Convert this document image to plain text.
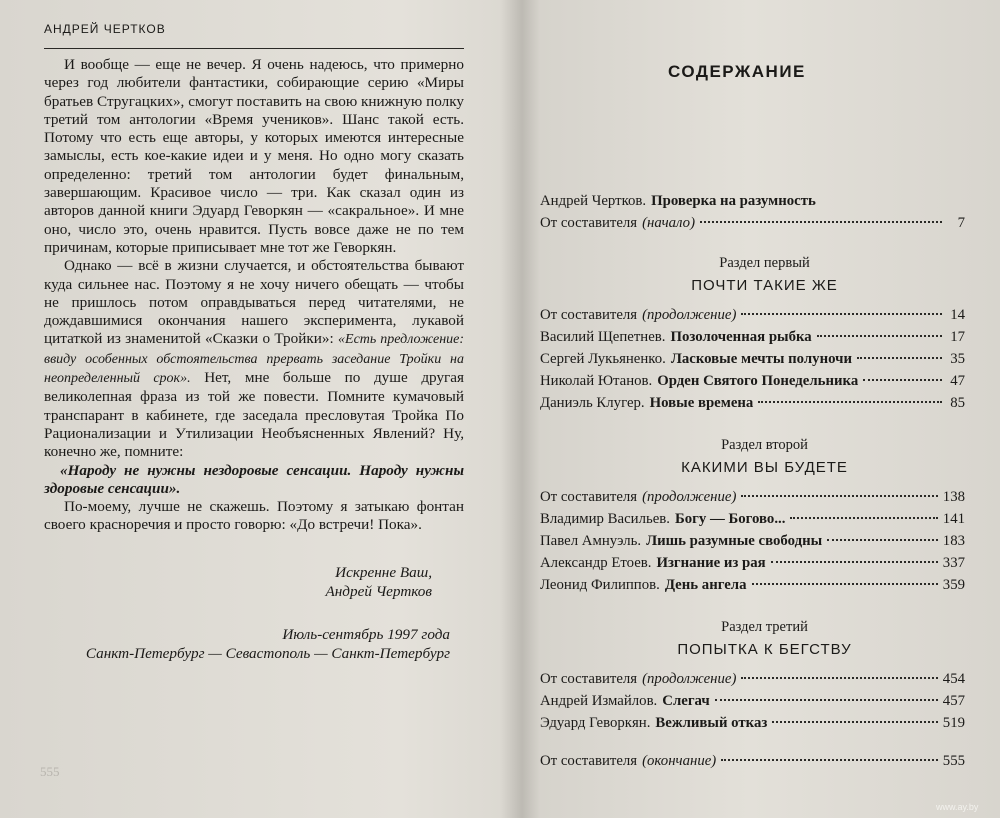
АНДРЕЙ ЧЕРТКОВ

И вообще — еще не вечер. Я очень надеюсь, что примерно через год любители фантастики, собирающие серию «Миры братьев Стругацких», смогут поставить на свою книжную полку третий том антологии «Время учеников». Шанс такой есть. Потому что есть еще авторы, у которых имеются интересные замыслы, есть кое-какие идеи и у меня. Но одно могу сказать определенно: третий том антологии будет финальным, завершающим. Красивое число — три. Как сказал один из авторов данной книги Эдуард Геворкян — «сакральное». И мне оно, число это, очень нравится. Пусть вовсе даже не по тем причинам, которые приписывает мне тот же Геворкян.

Однако — всё в жизни случается, и обстоятельства бывают куда сильнее нас. Поэтому я не хочу ничего обещать — чтобы не пришлось потом оправдываться перед читателями, не дождавшимися окончания нашего эксперимента, лукавой цитаткой из знаменитой «Сказки о Тройки»: «Есть предложение: ввиду особенных обстоятельства прервать заседание Тройки на неопределенный срок». Нет, мне больше по душе другая великолепная фраза из той же повести. Помните кумачовый транспарант в кабинете, где заседала пресловутая Тройка По Рационализации и Утилизации Необъясненных Явлений? Ну, конечно же, помните:

«Народу не нужны нездоровые сенсации. Народу нужны здоровые сенсации».

По-моему, лучше не скажешь. Поэтому я затыкаю фонтан своего красноречия и просто говорю: «До встречи! Пока».

Искренне Ваш,
Андрей Чертков
Июль-сентябрь 1997 года
Санкт-Петербург — Севастополь — Санкт-Петербург
555
СОДЕРЖАНИЕ
Андрей Чертков. Проверка на разумность
От составителя (начало)	7
Раздел первый
ПОЧТИ ТАКИЕ ЖЕ
От составителя (продолжение)	14
Василий Щепетнев. Позолоченная рыбка	17
Сергей Лукьяненко. Ласковые мечты полуночи	35
Николай Ютанов. Орден Святого Понедельника	47
Даниэль Клугер. Новые времена	85
Раздел второй
КАКИМИ ВЫ БУДЕТЕ
От составителя (продолжение)	138
Владимир Васильев. Богу — Богово...	141
Павел Амнуэль. Лишь разумные свободны	183
Александр Етоев. Изгнание из рая	337
Леонид Филиппов. День ангела	359
Раздел третий
ПОПЫТКА К БЕГСТВУ
От составителя (продолжение)	454
Андрей Измайлов. Слегач	457
Эдуард Геворкян. Вежливый отказ	519
От составителя (окончание)	555
www.ay.by
